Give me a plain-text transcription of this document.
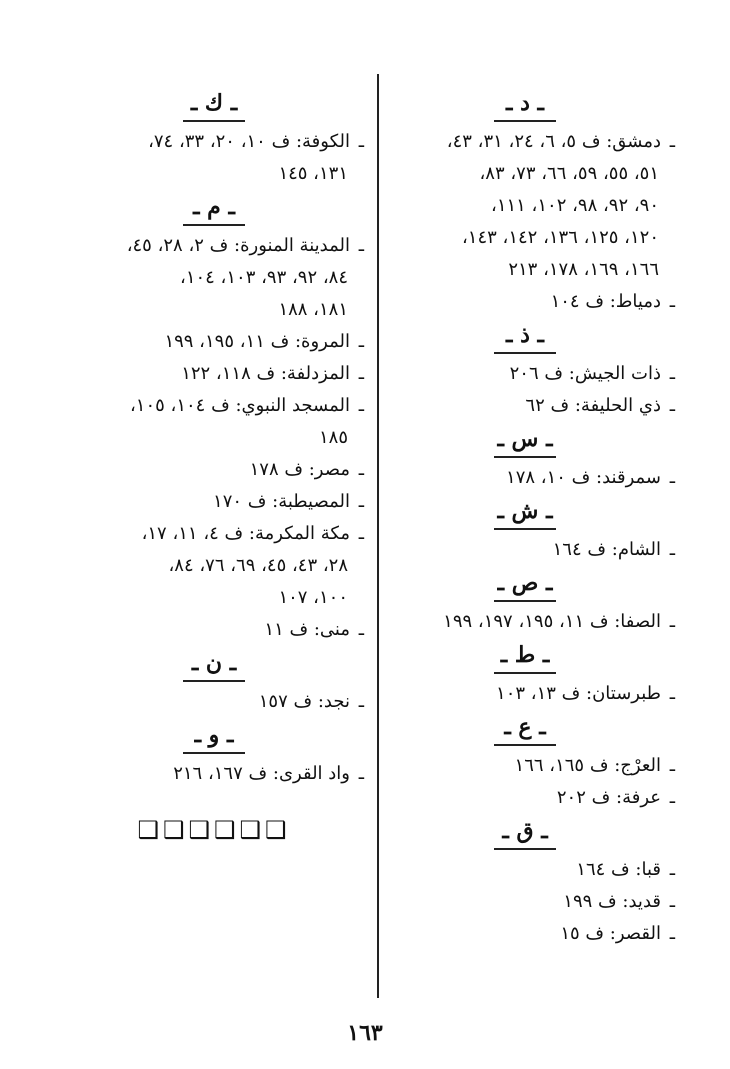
ـ د ـ
ـدمشق: ف ٥، ٦، ٢٤، ٣١، ٤٣،
٥١، ٥٥، ٥٩، ٦٦، ٧٣، ٨٣،
٩٠، ٩٢، ٩٨، ١٠٢، ١١١،
١٢٠، ١٢٥، ١٣٦، ١٤٢، ١٤٣،
١٦٦، ١٦٩، ١٧٨، ٢١٣
ـدمياط: ف ١٠٤
ـ ذ ـ
ـذات الجيش: ف ٢٠٦
ـذي الحليفة: ف ٦٢
ـ س ـ
ـسمرقند: ف ١٠، ١٧٨
ـ ش ـ
ـالشام: ف ١٦٤
ـ ص ـ
ـالصفا: ف ١١، ١٩٥، ١٩٧، ١٩٩
ـ ط ـ
ـطبرستان: ف ١٣، ١٠٣
ـ ع ـ
ـالعرْج: ف ١٦٥، ١٦٦
ـعرفة: ف ٢٠٢
ـ ق ـ
ـقبا: ف ١٦٤
ـقديد: ف ١٩٩
ـالقصر: ف ١٥
ـ ك ـ
ـالكوفة: ف ١٠، ٢٠، ٣٣، ٧٤،
١٣١، ١٤٥
ـ م ـ
ـالمدينة المنورة: ف ٢، ٢٨، ٤٥،
٨٤، ٩٢، ٩٣، ١٠٣، ١٠٤،
١٨١، ١٨٨
ـالمروة: ف ١١، ١٩٥، ١٩٩
ـالمزدلفة: ف ١١٨، ١٢٢
ـالمسجد النبوي: ف ١٠٤، ١٠٥،
١٨٥
ـمصر: ف ١٧٨
ـالمصيطبة: ف ١٧٠
ـمكة المكرمة: ف ٤، ١١، ١٧،
٢٨، ٤٣، ٤٥، ٦٩، ٧٦، ٨٤،
١٠٠، ١٠٧
ـمنى: ف ١١
ـ ن ـ
ـنجد: ف ١٥٧
ـ و ـ
ـواد القرى: ف ١٦٧، ٢١٦
❑❑❑❑❑❑
١٦٣
